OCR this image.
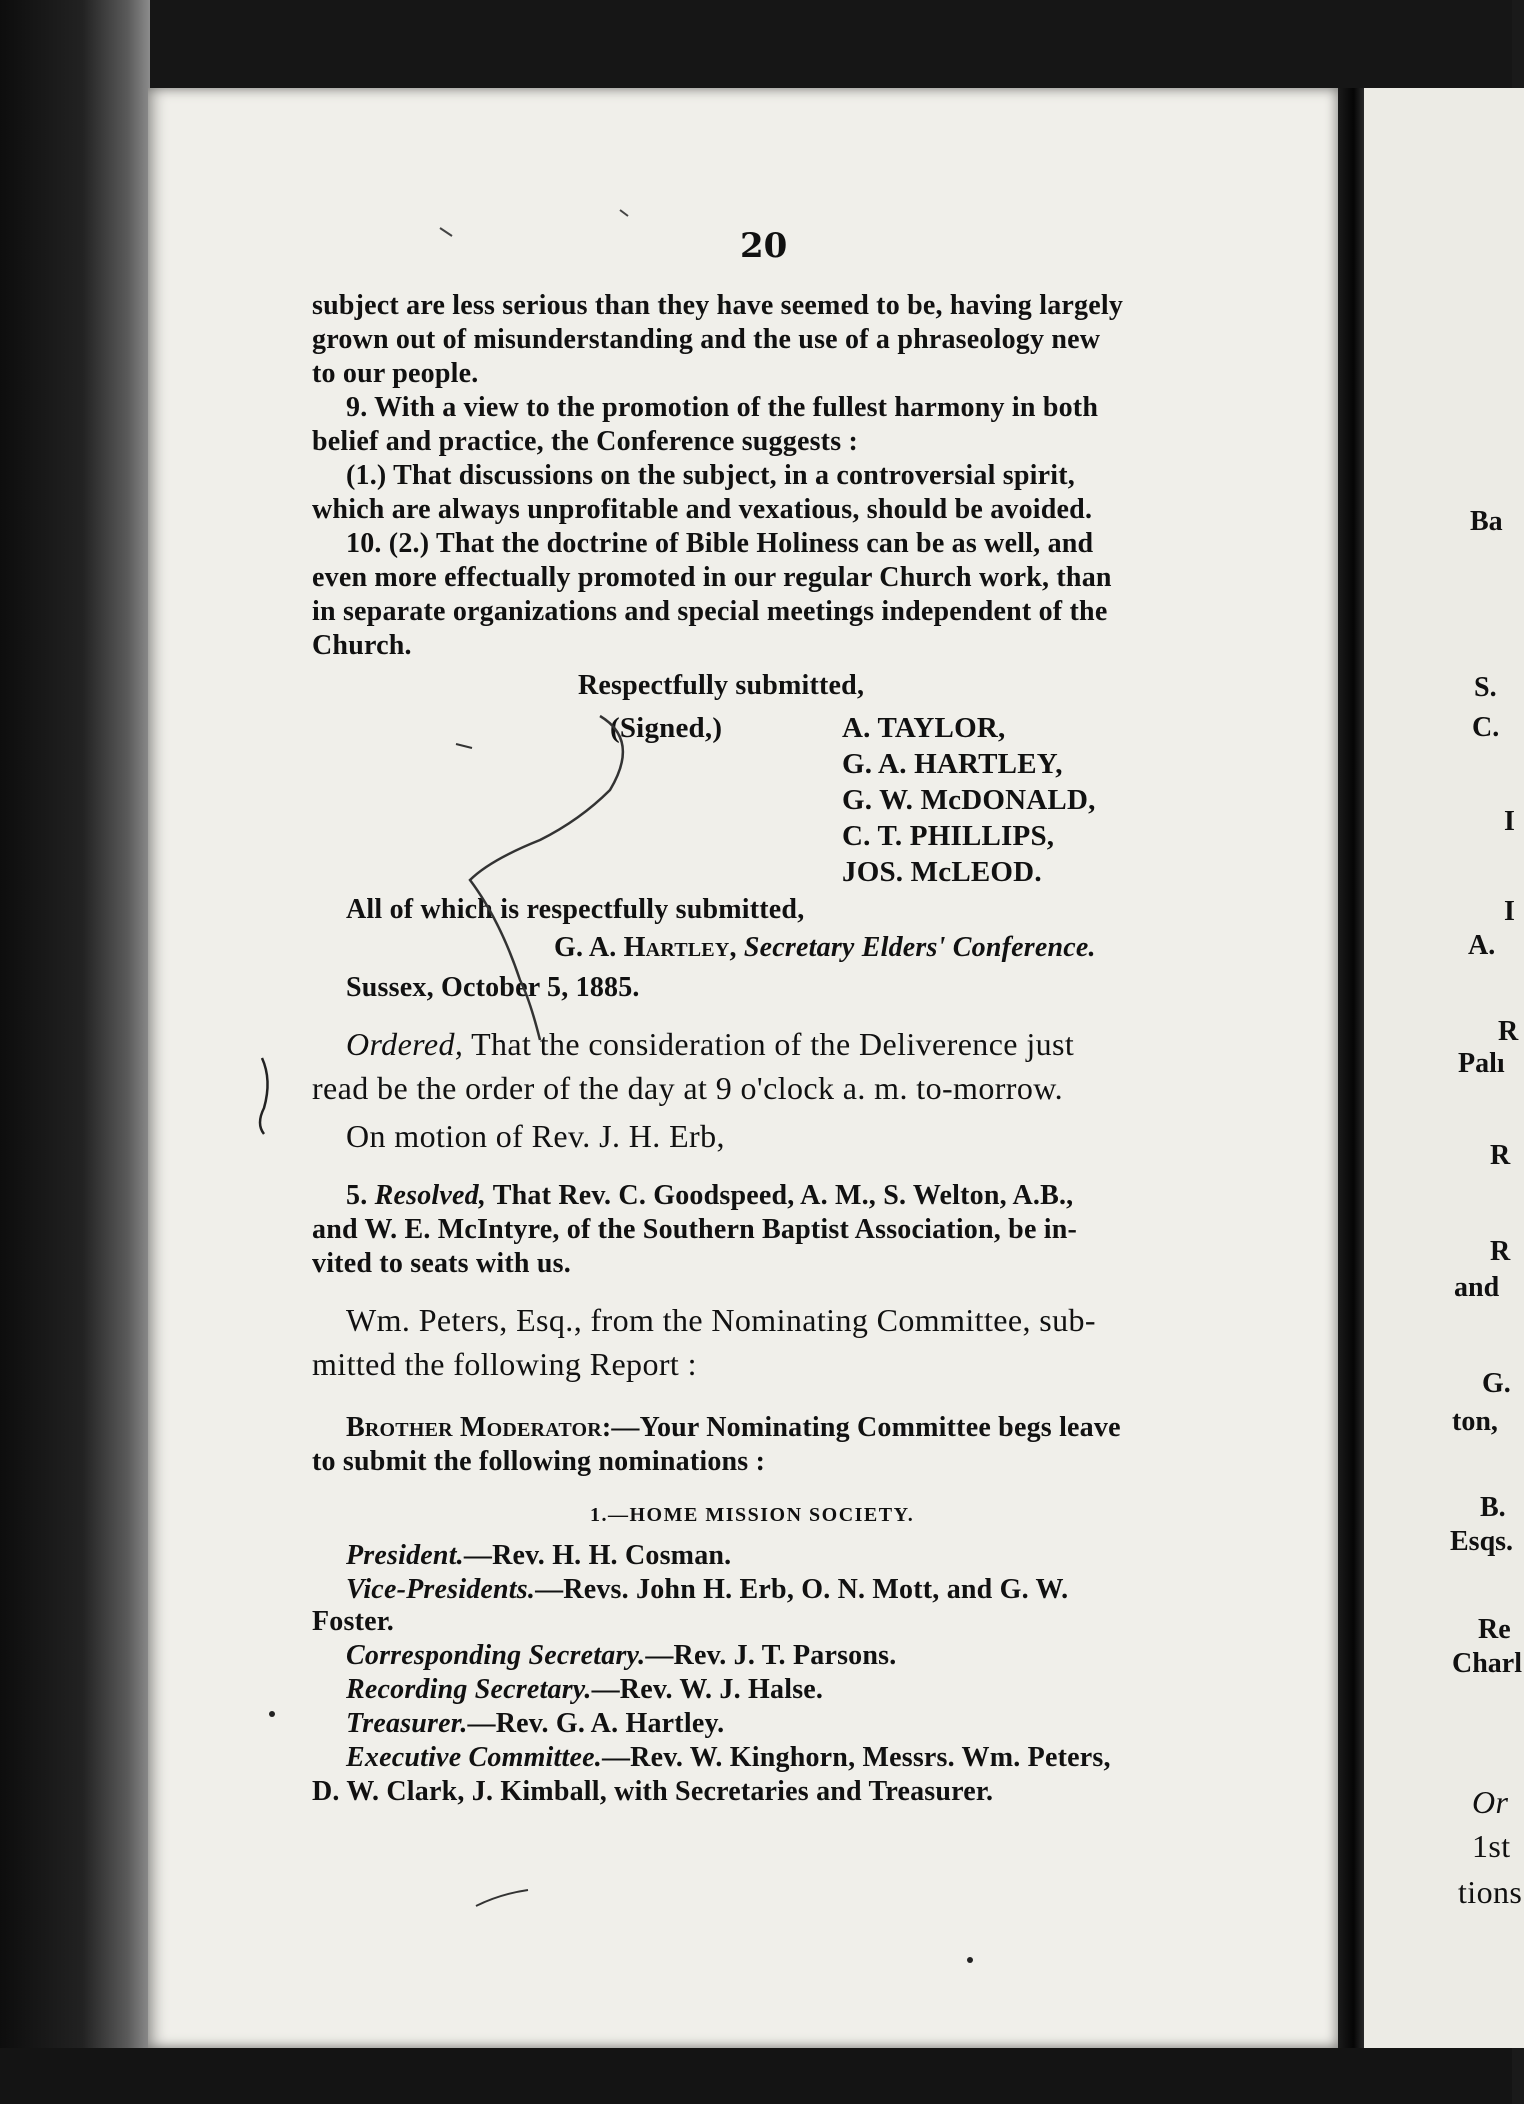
Ba
S.
C.
I
I
A.
R
Palı
R
R
and
G.
ton,
B.
Esqs.
Re
Charl
Or
1st
tions
20
subject are less serious than they have seemed to be, having largely
grown out of misunderstanding and the use of a phraseology new
to our people.
9. With a view to the promotion of the fullest harmony in both
belief and practice, the Conference suggests :
(1.) That discussions on the subject, in a controversial spirit,
which are always unprofitable and vexatious, should be avoided.
10. (2.) That the doctrine of Bible Holiness can be as well, and
even more effectually promoted in our regular Church work, than
in separate organizations and special meetings independent of the
Church.
Respectfully submitted,
(Signed,)	A. TAYLOR,
G. A. HARTLEY,
G. W. McDONALD,
C. T. PHILLIPS,
JOS. McLEOD.
All of which is respectfully submitted,
G. A. Hartley, Secretary Elders' Conference.
Sussex, October 5, 1885.
Ordered, That the consideration of the Deliverence just
read be the order of the day at 9 o'clock a. m. to-morrow.
On motion of Rev. J. H. Erb,
5. Resolved, That Rev. C. Goodspeed, A. M., S. Welton, A.B.,
and W. E. McIntyre, of the Southern Baptist Association, be in-
vited to seats with us.
Wm. Peters, Esq., from the Nominating Committee, sub-
mitted the following Report :
Brother Moderator:—Your Nominating Committee begs leave
to submit the following nominations :
1.—HOME MISSION SOCIETY.
President.—Rev. H. H. Cosman.
Vice-Presidents.—Revs. John H. Erb, O. N. Mott, and G. W.
Foster.
Corresponding Secretary.—Rev. J. T. Parsons.
Recording Secretary.—Rev. W. J. Halse.
Treasurer.—Rev. G. A. Hartley.
Executive Committee.—Rev. W. Kinghorn, Messrs. Wm. Peters,
D. W. Clark, J. Kimball, with Secretaries and Treasurer.
